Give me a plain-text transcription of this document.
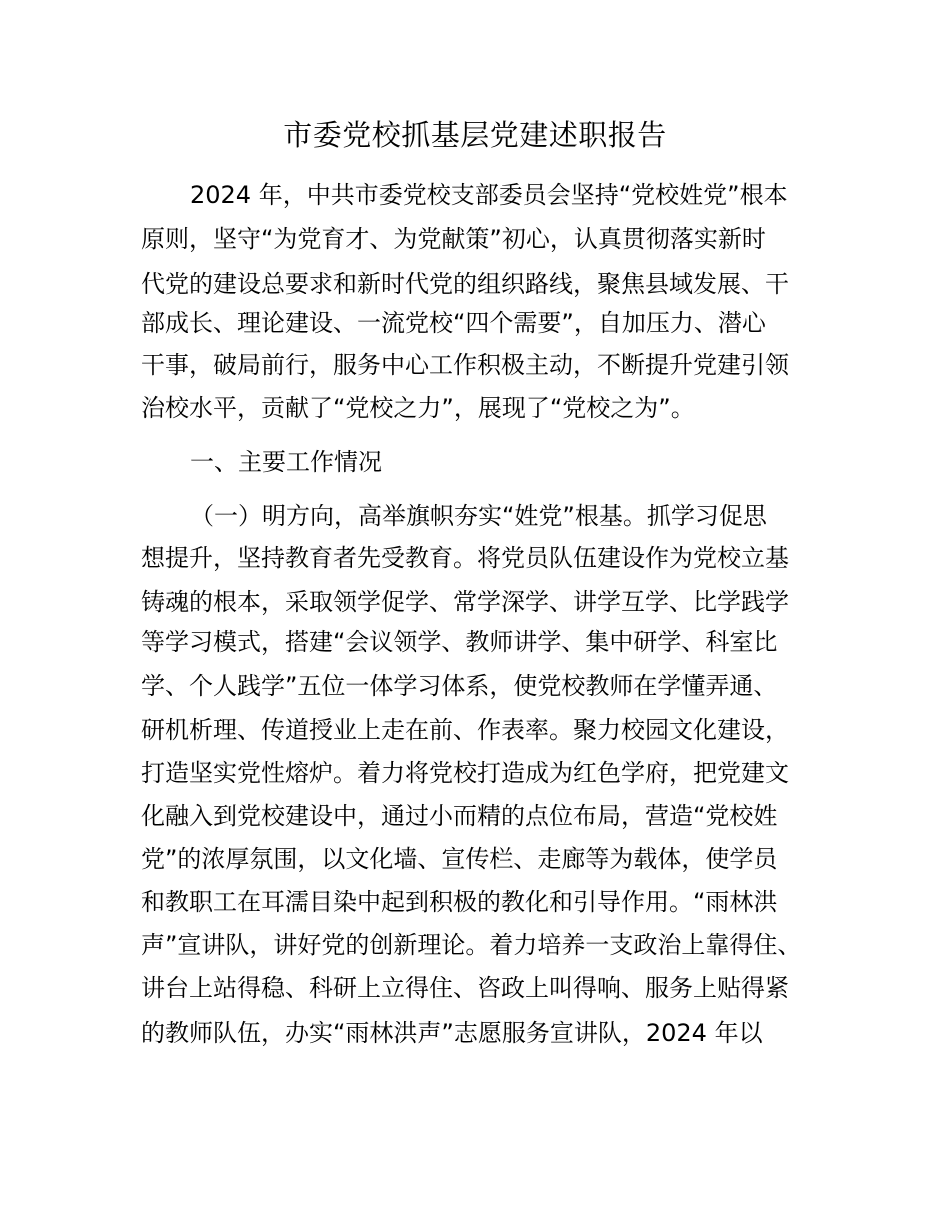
市委党校抓基层党建述职报告
2024 年，中共市委党校支部委员会坚持“党校姓党”根本
原则，坚守“为党育才、为党献策”初心，认真贯彻落实新时
代党的建设总要求和新时代党的组织路线，聚焦县域发展、干
部成长、理论建设、一流党校“四个需要”，自加压力、潜心
干事，破局前行，服务中心工作积极主动，不断提升党建引领
治校水平，贡献了“党校之力”，展现了“党校之为”。
一、主要工作情况
（一）明方向，高举旗帜夯实“姓党”根基。抓学习促思
想提升，坚持教育者先受教育。将党员队伍建设作为党校立基
铸魂的根本，采取领学促学、常学深学、讲学互学、比学践学
等学习模式，搭建“会议领学、教师讲学、集中研学、科室比
学、个人践学”五位一体学习体系，使党校教师在学懂弄通、
研机析理、传道授业上走在前、作表率。聚力校园文化建设，
打造坚实党性熔炉。着力将党校打造成为红色学府，把党建文
化融入到党校建设中，通过小而精的点位布局，营造“党校姓
党”的浓厚氛围，以文化墙、宣传栏、走廊等为载体，使学员
和教职工在耳濡目染中起到积极的教化和引导作用。“雨林洪
声”宣讲队，讲好党的创新理论。着力培养一支政治上靠得住、
讲台上站得稳、科研上立得住、咨政上叫得响、服务上贴得紧
的教师队伍，办实“雨林洪声”志愿服务宣讲队，2024 年以
